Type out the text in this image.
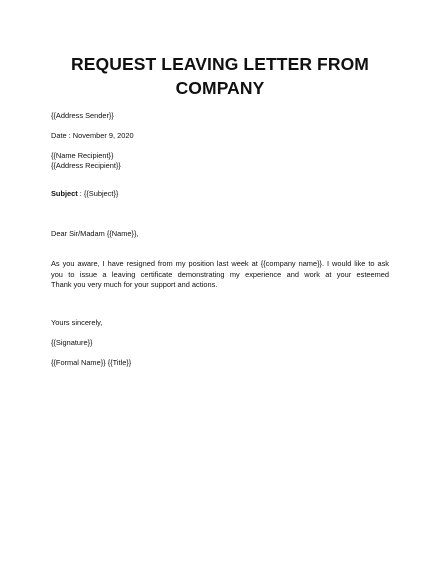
REQUEST LEAVING LETTER FROM
COMPANY
{{Address Sender}}
Date : November 9, 2020
{{Name Recipient}}
{{Address Recipient}}
Subject : {{Subject}}
Dear Sir/Madam {{Name}},
As you aware, I have resigned from my position last week at {{company name}}. I would like to ask
you to issue a leaving certificate demonstrating my experience and work at your esteemed
Thank you very much for your support and actions.
Yours sincerely,
{{Signature}}
{{Formal Name}} {{Title}}
